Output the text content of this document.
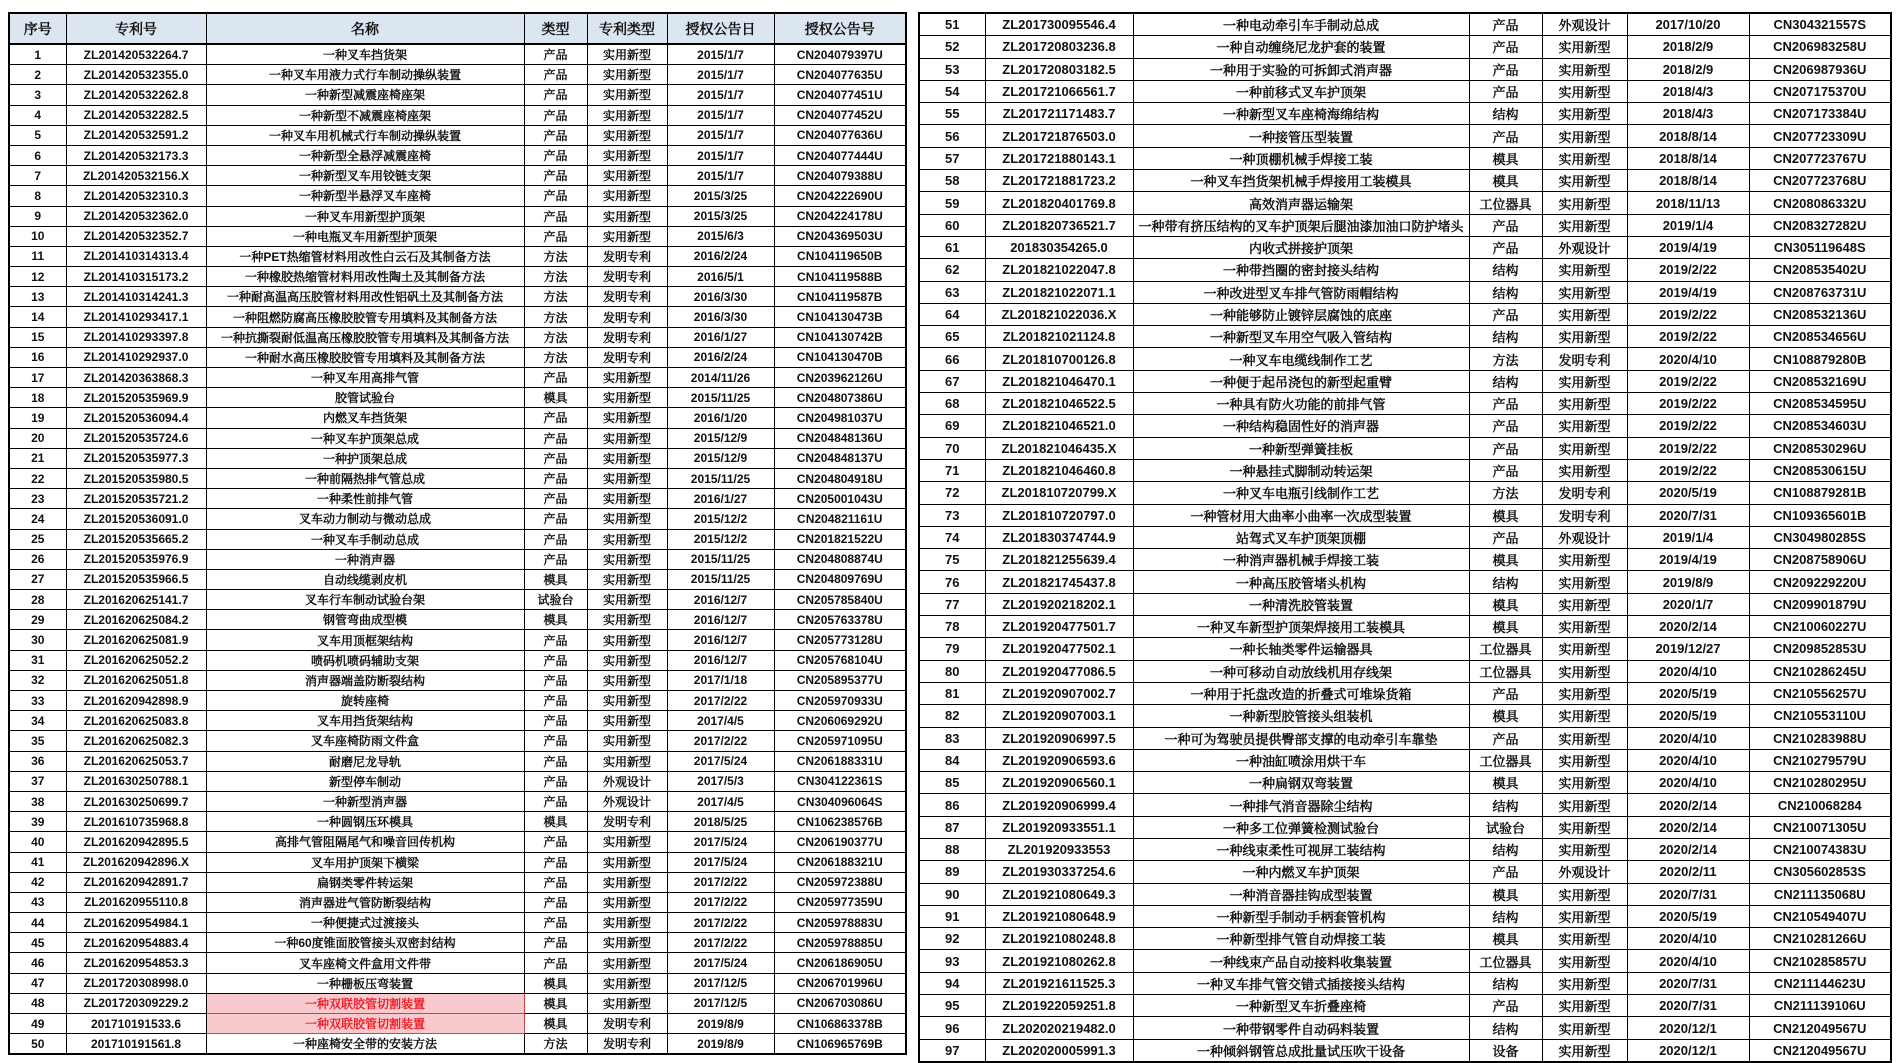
序号	专利号	名称	类型	专利类型	授权公告日	授权公告号
1	ZL201420532264.7	一种叉车挡货架	产品	实用新型	2015/1/7	CN204079397U
2	ZL201420532355.0	一种叉车用液力式行车制动操纵装置	产品	实用新型	2015/1/7	CN204077635U
3	ZL201420532262.8	一种新型减震座椅座架	产品	实用新型	2015/1/7	CN204077451U
4	ZL201420532282.5	一种新型不减震座椅座架	产品	实用新型	2015/1/7	CN204077452U
5	ZL201420532591.2	一种叉车用机械式行车制动操纵装置	产品	实用新型	2015/1/7	CN204077636U
6	ZL201420532173.3	一种新型全悬浮减震座椅	产品	实用新型	2015/1/7	CN204077444U
7	ZL201420532156.X	一种新型叉车用铰链支架	产品	实用新型	2015/1/7	CN204079388U
8	ZL201420532310.3	一种新型半悬浮叉车座椅	产品	实用新型	2015/3/25	CN204222690U
9	ZL201420532362.0	一种叉车用新型护顶架	产品	实用新型	2015/3/25	CN204224178U
10	ZL201420532352.7	一种电瓶叉车用新型护顶架	产品	实用新型	2015/6/3	CN204369503U
11	ZL201410314313.4	一种PET热缩管材料用改性白云石及其制备方法	方法	发明专利	2016/2/24	CN104119650B
12	ZL201410315173.2	一种橡胶热缩管材料用改性陶土及其制备方法	方法	发明专利	2016/5/1	CN104119588B
13	ZL201410314241.3	一种耐高温高压胶管材料用改性铝矾土及其制备方法	方法	发明专利	2016/3/30	CN104119587B
14	ZL201410293417.1	一种阻燃防腐高压橡胶胶管专用填料及其制备方法	方法	发明专利	2016/3/30	CN104130473B
15	ZL201410293397.8	一种抗撕裂耐低温高压橡胶胶管专用填料及其制备方法	方法	发明专利	2016/1/27	CN104130742B
16	ZL201410292937.0	一种耐水高压橡胶胶管专用填料及其制备方法	方法	发明专利	2016/2/24	CN104130470B
17	ZL201420363868.3	一种叉车用高排气管	产品	实用新型	2014/11/26	CN203962126U
18	ZL201520535969.9	胶管试验台	模具	实用新型	2015/11/25	CN204807386U
19	ZL201520536094.4	内燃叉车挡货架	产品	实用新型	2016/1/20	CN204981037U
20	ZL201520535724.6	一种叉车护顶架总成	产品	实用新型	2015/12/9	CN204848136U
21	ZL201520535977.3	一种护顶架总成	产品	实用新型	2015/12/9	CN204848137U
22	ZL201520535980.5	一种前隔热排气管总成	产品	实用新型	2015/11/25	CN204804918U
23	ZL201520535721.2	一种柔性前排气管	产品	实用新型	2016/1/27	CN205001043U
24	ZL201520536091.0	叉车动力制动与微动总成	产品	实用新型	2015/12/2	CN204821161U
25	ZL201520535665.2	一种叉车手制动总成	产品	实用新型	2015/12/2	CN201821522U
26	ZL201520535976.9	一种消声器	产品	实用新型	2015/11/25	CN204808874U
27	ZL201520535966.5	自动线缆剥皮机	模具	实用新型	2015/11/25	CN204809769U
28	ZL201620625141.7	叉车行车制动试验台架	试验台	实用新型	2016/12/7	CN205785840U
29	ZL201620625084.2	钢管弯曲成型模	模具	实用新型	2016/12/7	CN205763378U
30	ZL201620625081.9	叉车用顶框架结构	产品	实用新型	2016/12/7	CN205773128U
31	ZL201620625052.2	喷码机喷码辅助支架	产品	实用新型	2016/12/7	CN205768104U
32	ZL201620625051.8	消声器端盖防断裂结构	产品	实用新型	2017/1/18	CN205895377U
33	ZL201620942898.9	旋转座椅	产品	实用新型	2017/2/22	CN205970933U
34	ZL201620625083.8	叉车用挡货架结构	产品	实用新型	2017/4/5	CN206069292U
35	ZL201620625082.3	叉车座椅防雨文件盒	产品	实用新型	2017/2/22	CN205971095U
36	ZL201620625053.7	耐磨尼龙导轨	产品	实用新型	2017/5/24	CN206188331U
37	ZL201630250788.1	新型停车制动	产品	外观设计	2017/5/3	CN304122361S
38	ZL201630250699.7	一种新型消声器	产品	外观设计	2017/4/5	CN304096064S
39	ZL201610735968.8	一种圆钢压环模具	模具	发明专利	2018/5/25	CN106238576B
40	ZL201620942895.5	高排气管阻隔尾气和噪音回传机构	产品	实用新型	2017/5/24	CN206190377U
41	ZL201620942896.X	叉车用护顶架下横梁	产品	实用新型	2017/5/24	CN206188321U
42	ZL201620942891.7	扁钢类零件转运架	产品	实用新型	2017/2/22	CN205972388U
43	ZL201620955110.8	消声器进气管防断裂结构	产品	实用新型	2017/2/22	CN205977359U
44	ZL201620954984.1	一种便捷式过渡接头	产品	实用新型	2017/2/22	CN205978883U
45	ZL201620954883.4	一种60度锥面胶管接头双密封结构	产品	实用新型	2017/2/22	CN205978885U
46	ZL201620954853.3	叉车座椅文件盒用文件带	产品	实用新型	2017/5/24	CN206186905U
47	ZL201720308998.0	一种栅板压弯装置	模具	实用新型	2017/12/5	CN206701996U
48	ZL201720309229.2	一种双联胶管切割装置	模具	实用新型	2017/12/5	CN206703086U
49	201710191533.6	一种双联胶管切割装置	模具	发明专利	2019/8/9	CN106863378B
50	201710191561.8	一种座椅安全带的安装方法	方法	发明专利	2019/8/9	CN106965769B
51	ZL201730095546.4	一种电动牵引车手制动总成	产品	外观设计	2017/10/20	CN304321557S
52	ZL201720803236.8	一种自动缠绕尼龙护套的装置	产品	实用新型	2018/2/9	CN206983258U
53	ZL201720803182.5	一种用于实验的可拆卸式消声器	产品	实用新型	2018/2/9	CN206987936U
54	ZL201721066561.7	一种前移式叉车护顶架	产品	实用新型	2018/4/3	CN207175370U
55	ZL201721171483.7	一种新型叉车座椅海绵结构	结构	实用新型	2018/4/3	CN207173384U
56	ZL201721876503.0	一种接管压型装置	产品	实用新型	2018/8/14	CN207723309U
57	ZL201721880143.1	一种顶棚机械手焊接工装	模具	实用新型	2018/8/14	CN207723767U
58	ZL201721881723.2	一种叉车挡货架机械手焊接用工装模具	模具	实用新型	2018/8/14	CN207723768U
59	ZL201820401769.8	高效消声器运输架	工位器具	实用新型	2018/11/13	CN208086332U
60	ZL201820736521.7	一种带有挤压结构的叉车护顶架后腿油漆加油口防护堵头	产品	实用新型	2019/1/4	CN208327282U
61	201830354265.0	内收式拼接护顶架	产品	外观设计	2019/4/19	CN305119648S
62	ZL201821022047.8	一种带挡圈的密封接头结构	结构	实用新型	2019/2/22	CN208535402U
63	ZL201821022071.1	一种改进型叉车排气管防雨帽结构	结构	实用新型	2019/4/19	CN208763731U
64	ZL201821022036.X	一种能够防止镀锌层腐蚀的底座	产品	实用新型	2019/2/22	CN208532136U
65	ZL201821021124.8	一种新型叉车用空气吸入管结构	结构	实用新型	2019/2/22	CN208534656U
66	ZL201810700126.8	一种叉车电缆线制作工艺	方法	发明专利	2020/4/10	CN108879280B
67	ZL201821046470.1	一种便于起吊浇包的新型起重臂	结构	实用新型	2019/2/22	CN208532169U
68	ZL201821046522.5	一种具有防火功能的前排气管	产品	实用新型	2019/2/22	CN208534595U
69	ZL201821046521.0	一种结构稳固性好的消声器	产品	实用新型	2019/2/22	CN208534603U
70	ZL201821046435.X	一种新型弹簧挂板	产品	实用新型	2019/2/22	CN208530296U
71	ZL201821046460.8	一种悬挂式脚制动转运架	产品	实用新型	2019/2/22	CN208530615U
72	ZL201810720799.X	一种叉车电瓶引线制作工艺	方法	发明专利	2020/5/19	CN108879281B
73	ZL201810720797.0	一种管材用大曲率小曲率一次成型装置	模具	发明专利	2020/7/31	CN109365601B
74	ZL201830374744.9	站驾式叉车护顶架顶棚	产品	外观设计	2019/1/4	CN304980285S
75	ZL201821255639.4	一种消声器机械手焊接工装	模具	实用新型	2019/4/19	CN208758906U
76	ZL201821745437.8	一种高压胶管堵头机构	结构	实用新型	2019/8/9	CN209229220U
77	ZL201920218202.1	一种清洗胶管装置	模具	实用新型	2020/1/7	CN209901879U
78	ZL201920477501.7	一种叉车新型护顶架焊接用工装模具	模具	实用新型	2020/2/14	CN210060227U
79	ZL201920477502.1	一种长轴类零件运输器具	工位器具	实用新型	2019/12/27	CN209852853U
80	ZL201920477086.5	一种可移动自动放线机用存线架	工位器具	实用新型	2020/4/10	CN210286245U
81	ZL201920907002.7	一种用于托盘改造的折叠式可堆垛货箱	产品	实用新型	2020/5/19	CN210556257U
82	ZL201920907003.1	一种新型胶管接头组装机	模具	实用新型	2020/5/19	CN210553110U
83	ZL201920906997.5	一种可为驾驶员提供臀部支撑的电动牵引车靠垫	产品	实用新型	2020/4/10	CN210283988U
84	ZL201920906593.6	一种油缸喷涂用烘干车	工位器具	实用新型	2020/4/10	CN210279579U
85	ZL201920906560.1	一种扁钢双弯装置	模具	实用新型	2020/4/10	CN210280295U
86	ZL201920906999.4	一种排气消音器除尘结构	结构	实用新型	2020/2/14	CN210068284
87	ZL201920933551.1	一种多工位弹簧检测试验台	试验台	实用新型	2020/2/14	CN210071305U
88	ZL201920933553	一种线束柔性可视屏工装结构	结构	实用新型	2020/2/14	CN210074383U
89	ZL201930337254.6	一种内燃叉车护顶架	产品	外观设计	2020/2/11	CN305602853S
90	ZL201921080649.3	一种消音器挂钩成型装置	模具	实用新型	2020/7/31	CN211135068U
91	ZL201921080648.9	一种新型手制动手柄套管机构	结构	实用新型	2020/5/19	CN210549407U
92	ZL201921080248.8	一种新型排气管自动焊接工装	模具	实用新型	2020/4/10	CN210281266U
93	ZL201921080262.8	一种线束产品自动接料收集装置	工位器具	实用新型	2020/4/10	CN210285857U
94	ZL201921611525.3	一种叉车排气管交错式插接接头结构	结构	实用新型	2020/7/31	CN211144623U
95	ZL201922059251.8	一种新型叉车折叠座椅	产品	实用新型	2020/7/31	CN211139106U
96	ZL202020219482.0	一种带钢零件自动码料装置	结构	实用新型	2020/12/1	CN212049567U
97	ZL202020005991.3	一种倾斜钢管总成批量试压吹干设备	设备	实用新型	2020/12/1	CN212049567U
